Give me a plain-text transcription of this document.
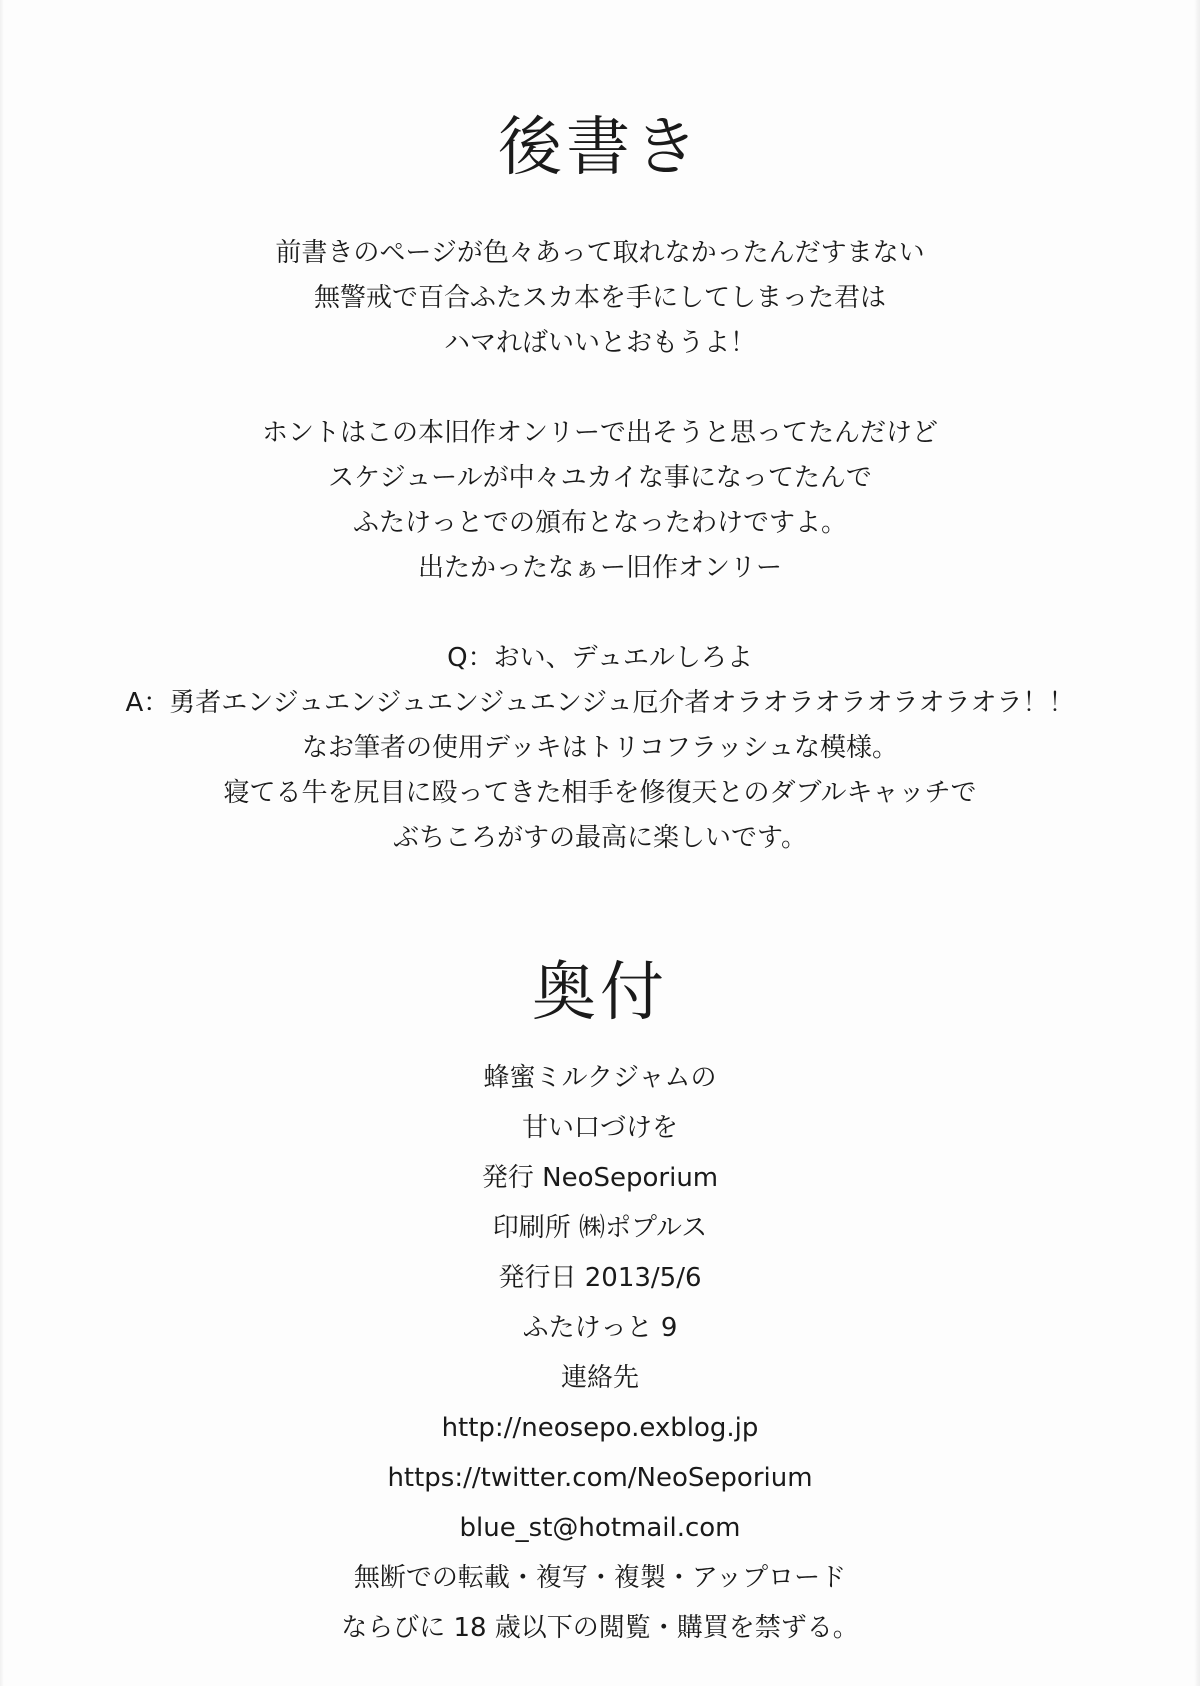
後書き

前書きのページが色々あって取れなかったんだすまない

無警戒で百合ふたスカ本を手にしてしまった君は

ハマればいいとおもうよ！

ホントはこの本旧作オンリーで出そうと思ってたんだけど

スケジュールが中々ユカイな事になってたんで

ふたけっとでの頒布となったわけですよ。

出たかったなぁー旧作オンリー

Q：おい、デュエルしろよ

A：勇者エンジュエンジュエンジュエンジュ厄介者オラオラオラオラオラオラ！！

なお筆者の使用デッキはトリコフラッシュな模様。

寝てる牛を尻目に殴ってきた相手を修復天とのダブルキャッチで

ぶちころがすの最高に楽しいです。

奥付

蜂蜜ミルクジャムの

甘い口づけを

発行 NeoSeporium

印刷所 ㈱ポプルス

発行日 2013/5/6

ふたけっと 9

連絡先

http://neosepo.exblog.jp

https://twitter.com/NeoSeporium

blue_st@hotmail.com

無断での転載・複写・複製・アップロード

ならびに 18 歳以下の閲覧・購買を禁ずる。
